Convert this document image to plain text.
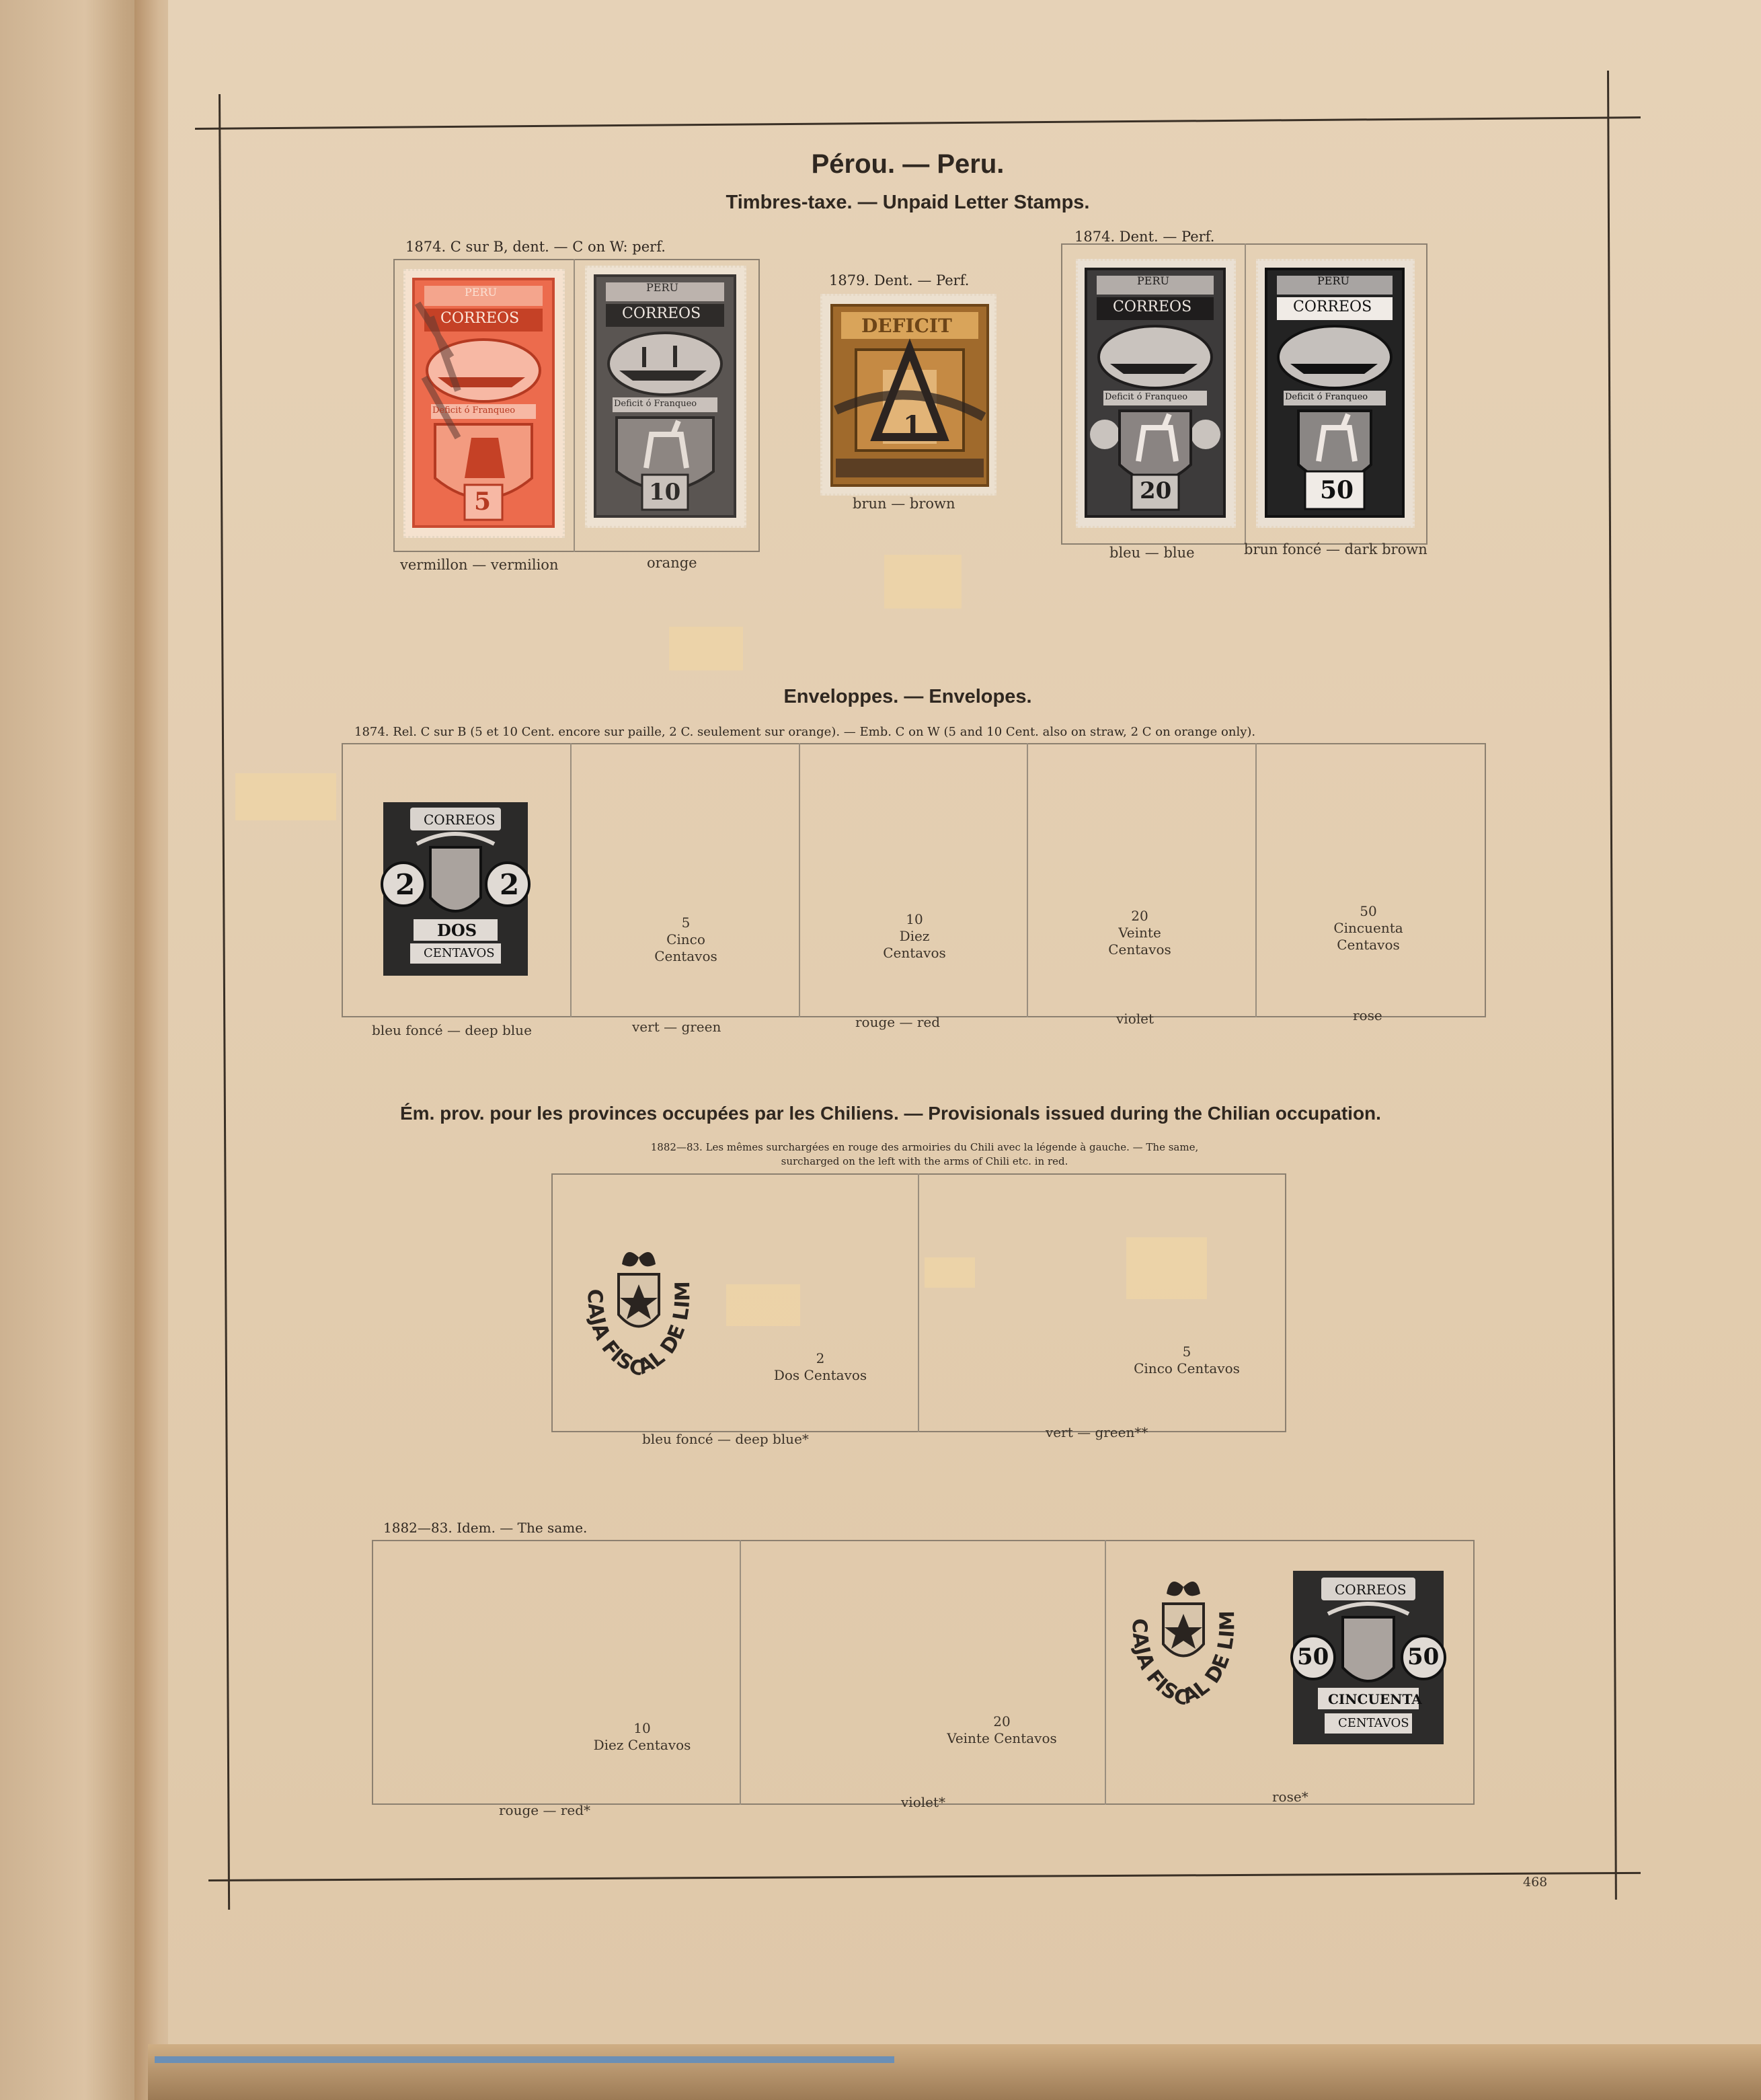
Pérou. — Peru.
Timbres-taxe. — Unpaid Letter Stamps.
1874. C sur B, dent. — C on W: perf.
PERU
CORREOS
Deficit ó Franqueo
5
PERU
CORREOS
Deficit ó Franqueo
10
vermillon — vermilion	orange
1879. Dent. — Perf.
DEFICIT
1
brun — brown
1874. Dent. — Perf.
PERU
CORREOS
Deficit ó Franqueo
20
PERU
CORREOS
Deficit ó Franqueo
50
bleu — blue	brun foncé — dark brown
Enveloppes. — Envelopes.
1874. Rel. C sur B (5 et 10 Cent. encore sur paille, 2 C. seulement sur orange). — Emb. C on W (5 and 10 Cent. also on straw, 2 C on orange only).
CORREOS
2	2
DOS
CENTAVOS
5
Cinco
Centavos
10
Diez
Centavos
20
Veinte
Centavos
50
Cincuenta
Centavos
bleu foncé — deep blue	vert — green	rouge — red	violet	rose
Ém. prov. pour les provinces occupées par les Chiliens. — Provisionals issued during the Chilian occupation.
1882—83. Les mêmes surchargées en rouge des armoiries du Chili avec la légende à gauche. — The same,
surcharged on the left with the arms of Chili etc. in red.
CAJA FISCAL DE LIM
2
Dos Centavos
5
Cinco Centavos
bleu foncé — deep blue*	vert — green**
1882—83. Idem. — The same.
10
Diez Centavos
20
Veinte Centavos
CAJA FISCAL DE LIM
CORREOS
50	50
CINCUENTA
CENTAVOS
rouge — red*	violet*	rose*
468
